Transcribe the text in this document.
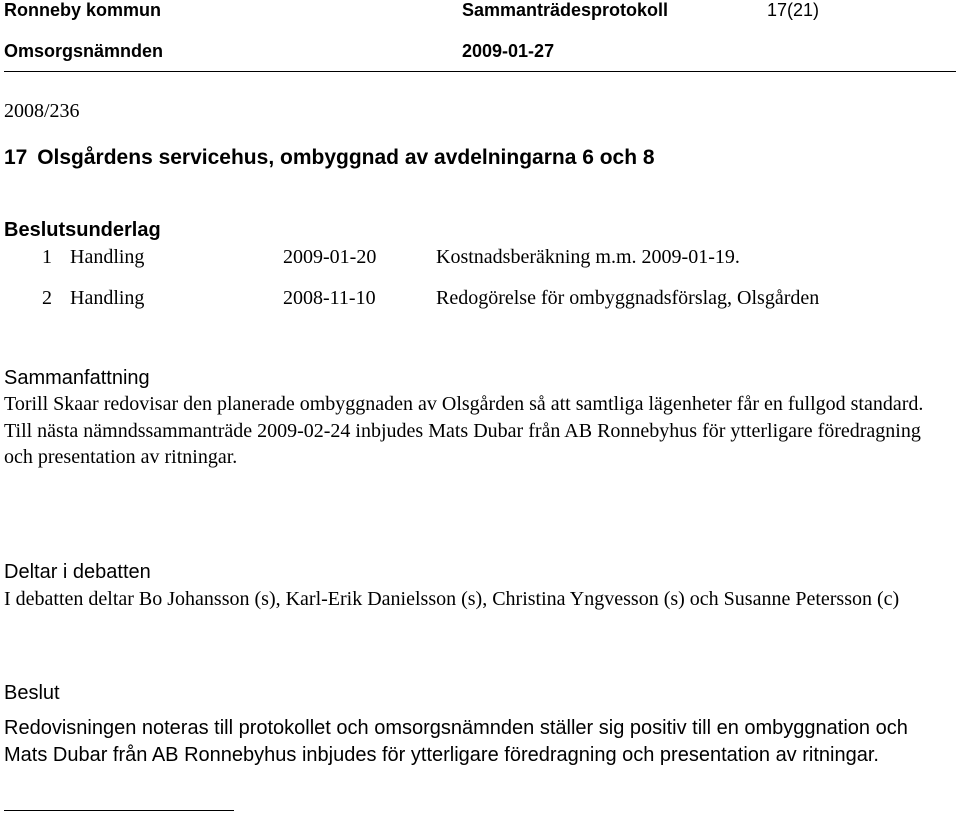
Ronneby kommun	Sammanträdesprotokoll	17(21)
Omsorgsnämnden	2009-01-27
2008/236
17 Olsgårdens servicehus, ombyggnad av avdelningarna 6 och 8
Beslutsunderlag
1 Handling	2009-01-20	Kostnadsberäkning m.m. 2009-01-19.
2 Handling	2008-11-10	Redogörelse för ombyggnadsförslag, Olsgården
Sammanfattning
Torill Skaar redovisar den planerade ombyggnaden av Olsgården så att samtliga lägenheter får en fullgod standard. Till nästa nämndssammanträde 2009-02-24 inbjudes Mats Dubar från AB Ronnebyhus för ytterligare föredragning och presentation av ritningar.
Deltar i debatten
I debatten deltar Bo Johansson (s), Karl-Erik Danielsson (s), Christina Yngvesson (s) och Susanne Petersson (c)
Beslut
Redovisningen noteras till protokollet och omsorgsnämnden ställer sig positiv till en ombyggnation och Mats Dubar från AB Ronnebyhus inbjudes för ytterligare föredragning och presentation av ritningar.
